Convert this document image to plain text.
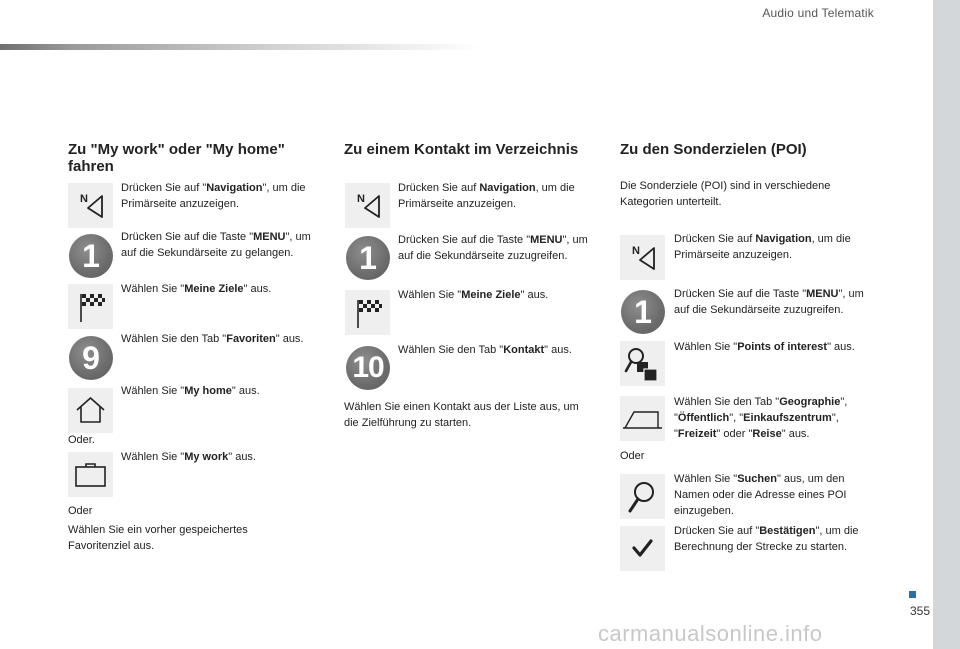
Audio und Telematik
Zu "My work" oder "My home" fahren
N
Drücken Sie auf "Navigation", um die Primärseite anzuzeigen.
1
Drücken Sie auf die Taste "MENU", um auf die Sekundärseite zu gelangen.
Wählen Sie "Meine Ziele" aus.
9
Wählen Sie den Tab "Favoriten" aus.
Wählen Sie "My home" aus.
Oder.
Wählen Sie "My work" aus.
Oder
Wählen Sie ein vorher gespeichertes Favoritenziel aus.
Zu einem Kontakt im Verzeichnis
N
Drücken Sie auf Navigation, um die Primärseite anzuzeigen.
1	Drücken Sie auf die Taste "MENU", um auf die Sekundärseite zuzugreifen.
Wählen Sie "Meine Ziele" aus.
10
Wählen Sie den Tab "Kontakt" aus.
Wählen Sie einen Kontakt aus der Liste aus, um die Zielführung zu starten.
Zu den Sonderzielen (POI)
Die Sonderziele (POI) sind in verschiedene Kategorien unterteilt.
N
Drücken Sie auf Navigation, um die Primärseite anzuzeigen.
1	Drücken Sie auf die Taste "MENU", um auf die Sekundärseite zuzugreifen.
Wählen Sie "Points of interest" aus.
Wählen Sie den Tab "Geographie", "Öffentlich", "Einkaufszentrum", "Freizeit" oder "Reise" aus.
Oder
Wählen Sie "Suchen" aus, um den Namen oder die Adresse eines POI einzugeben.
Drücken Sie auf "Bestätigen", um die Berechnung der Strecke zu starten.
355
carmanualsonline.info
